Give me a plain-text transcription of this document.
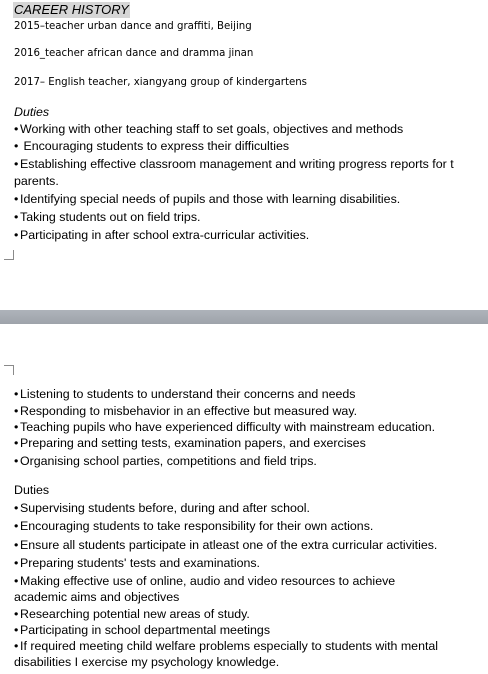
CAREER HISTORY

2015–teacher urban dance and graffiti, Beijing

2016_teacher african dance and dramma jinan

2017– English teacher, xiangyang group of kindergartens

Duties

• Working with other teaching staff to set goals, objectives and methods

• Encouraging students to express their difficulties

• Establishing effective classroom management and writing progress reports for t

parents.

• Identifying special needs of pupils and those with learning disabilities.

• Taking students out on field trips.

• Participating in after school extra-curricular activities.

• Listening to students to understand their concerns and needs

• Responding to misbehavior in an effective but measured way.

• Teaching pupils who have experienced difficulty with mainstream education.

• Preparing and setting tests, examination papers, and exercises

• Organising school parties, competitions and field trips.

Duties

• Supervising students before, during and after school.

• Encouraging students to take responsibility for their own actions.

• Ensure all students participate in atleast one of the extra curricular activities.

• Preparing students' tests and examinations.

• Making effective use of online, audio and video resources to achieve

academic aims and objectives

• Researching potential new areas of study.

• Participating in school departmental meetings

• If required meeting child welfare problems especially to students with mental

disabilities I exercise my psychology knowledge.
